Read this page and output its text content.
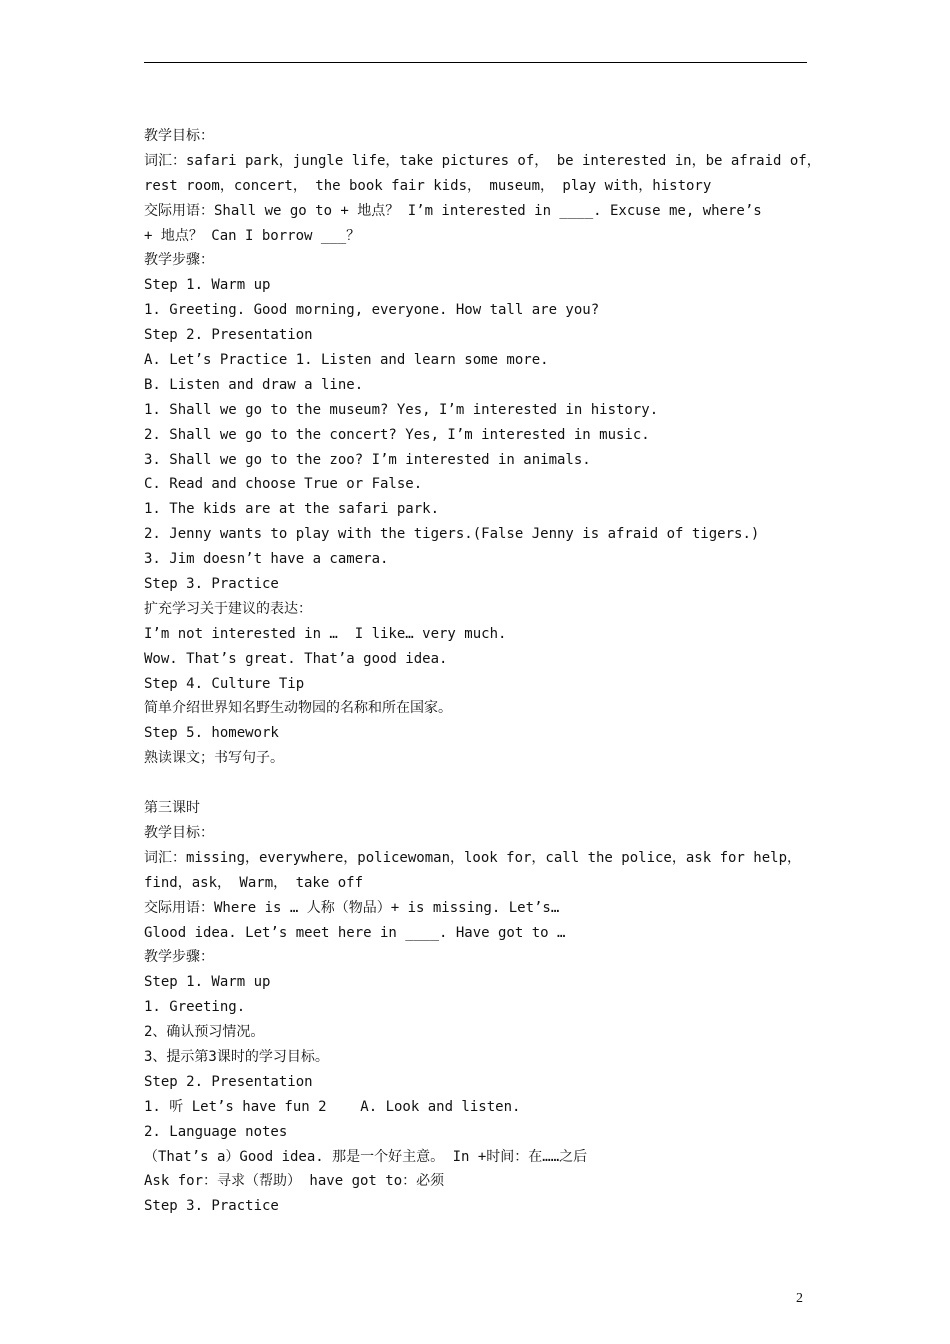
教学目标：
词汇：safari park，jungle life，take pictures of， be interested in，be afraid of，
rest room，concert， the book fair kids， museum， play with，history
交际用语：Shall we go to + 地点？ I’m interested in ____. Excuse me, where’s
+ 地点？ Can I borrow ___？
教学步骤：
Step 1. Warm up
1. Greeting. Good morning, everyone. How tall are you?
Step 2. Presentation
A. Let’s Practice 1. Listen and learn some more.
B. Listen and draw a line.
1. Shall we go to the museum? Yes, I’m interested in history.
2. Shall we go to the concert? Yes, I’m interested in music.
3. Shall we go to the zoo? I’m interested in animals.
C. Read and choose True or False.
1. The kids are at the safari park.
2. Jenny wants to play with the tigers.(False Jenny is afraid of tigers.)
3. Jim doesn’t have a camera.
Step 3. Practice
扩充学习关于建议的表达：
I’m not interested in …  I like… very much.
Wow. That’s great. That’a good idea.
Step 4. Culture Tip
简单介绍世界知名野生动物园的名称和所在国家。
Step 5. homework
熟读课文；书写句子。
第三课时
教学目标：
词汇：missing，everywhere，policewoman，look for，call the police，ask for help，
find，ask， Warm， take off
交际用语：Where is … 人称（物品）+ is missing. Let’s…
Glood idea. Let’s meet here in ____. Have got to …
教学步骤：
Step 1. Warm up
1. Greeting.
2、确认预习情况。
3、提示第3课时的学习目标。
Step 2. Presentation
1. 听 Let’s have fun 2    A. Look and listen.
2. Language notes
（That’s a）Good idea. 那是一个好主意。 In +时间：在……之后
Ask for：寻求（帮助） have got to：必须
Step 3. Practice
2
